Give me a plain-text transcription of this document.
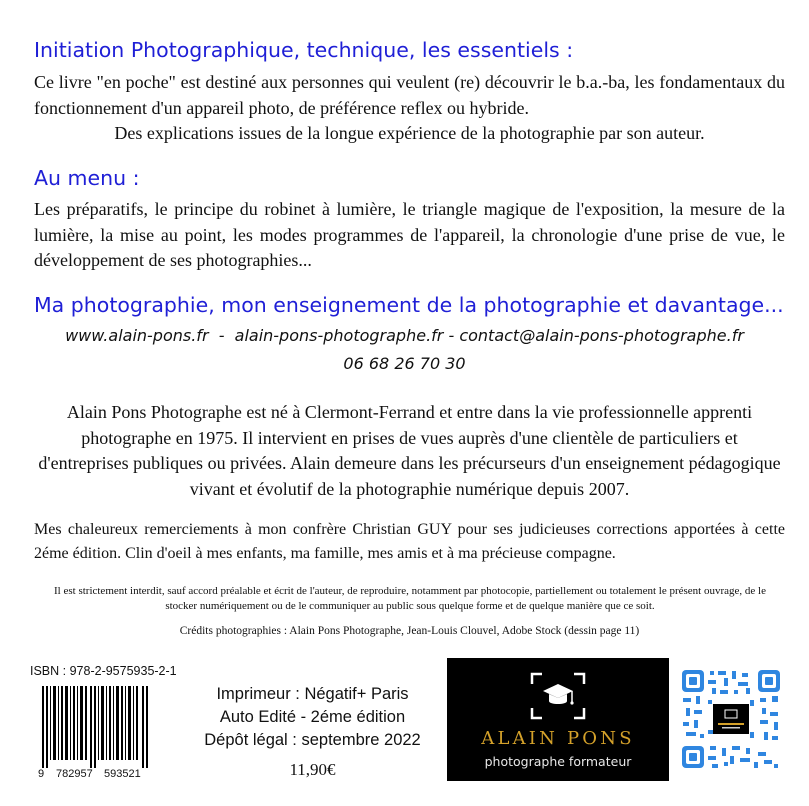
Initiation Photographique, technique, les essentiels :
Ce livre "en poche" est destiné aux personnes qui veulent (re) découvrir le b.a.-ba, les fondamentaux du fonctionnement d'un appareil photo, de préférence reflex ou hybride.
Des explications issues de la longue expérience de la photographie par son auteur.
Au menu :
Les préparatifs, le principe du robinet à lumière, le triangle magique de l'exposition, la mesure de la lumière, la mise au point, les modes programmes de l'appareil, la chronologie d'une prise de vue, le développement de ses photographies...
Ma photographie, mon enseignement de la photographie et davantage...
www.alain-pons.fr  -  alain-pons-photographe.fr - contact@alain-pons-photographe.fr
06 68 26 70 30
Alain Pons Photographe est né à Clermont-Ferrand et entre dans la vie professionnelle apprenti photographe en 1975. Il intervient en prises de vues auprès d'une clientèle de particuliers et d'entreprises publiques ou privées. Alain demeure dans les précurseurs d'un enseignement pédagogique vivant et évolutif de la photographie numérique depuis 2007.
Mes chaleureux remerciements à mon confrère Christian GUY pour ses judicieuses corrections apportées à cette 2éme édition. Clin d'oeil à mes enfants, ma famille, mes amis et à ma précieuse compagne.
Il est strictement interdit, sauf accord préalable et écrit de l'auteur, de reproduire, notamment par photocopie, partiellement ou totalement le présent ouvrage, de le stocker numériquement ou de le communiquer au public sous quelque forme et de quelque manière que ce soit.
Crédits photographies : Alain Pons Photographe, Jean-Louis Clouvel, Adobe Stock (dessin page 11)
ISBN : 978-2-9575935-2-1
9 782957 593521
Imprimeur : Négatif+ Paris
Auto Edité - 2éme édition
Dépôt légal : septembre 2022
11,90€
ALAIN PONS
photographe formateur
